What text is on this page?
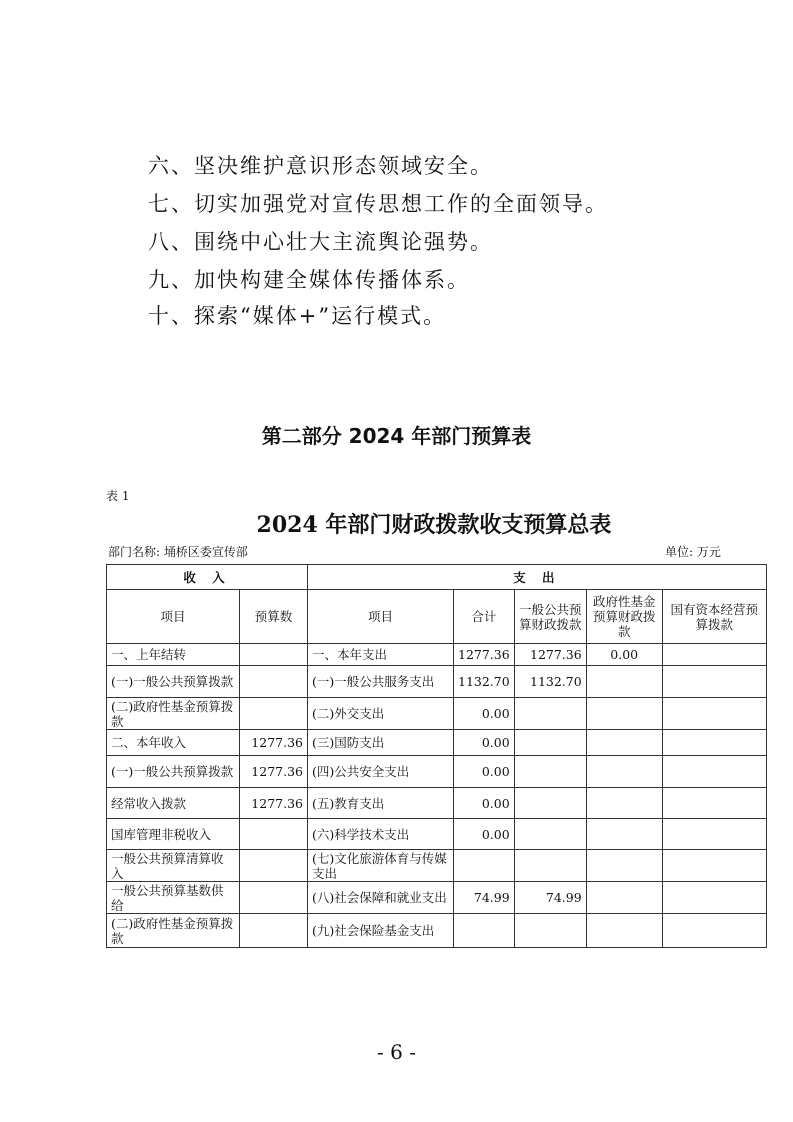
六、坚决维护意识形态领域安全。
七、切实加强党对宣传思想工作的全面领导。
八、围绕中心壮大主流舆论强势。
九、加快构建全媒体传播体系。
十、探索“媒体+”运行模式。
第二部分 2024 年部门预算表
表 1
2024 年部门财政拨款收支预算总表
部门名称: 埇桥区委宣传部	单位: 万元
收 入		支 出				
项目	预算数	项目	合计	一般公共预算财政拨款	政府性基金预算财政拨款	国有资本经营预算拨款
一、上年结转		一、本年支出	1277.36	1277.36	0.00	
(一)一般公共预算拨款		(一)一般公共服务支出	1132.70	1132.70		
(二)政府性基金预算拨款		(二)外交支出	0.00			
二、本年收入	1277.36	(三)国防支出	0.00			
(一)一般公共预算拨款	1277.36	(四)公共安全支出	0.00			
经常收入拨款	1277.36	(五)教育支出	0.00			
国库管理非税收入		(六)科学技术支出	0.00			
一般公共预算清算收入		(七)文化旅游体育与传媒支出				
一般公共预算基数供给		(八)社会保障和就业支出	74.99	74.99		
(二)政府性基金预算拨款		(九)社会保险基金支出				
- 6 -
